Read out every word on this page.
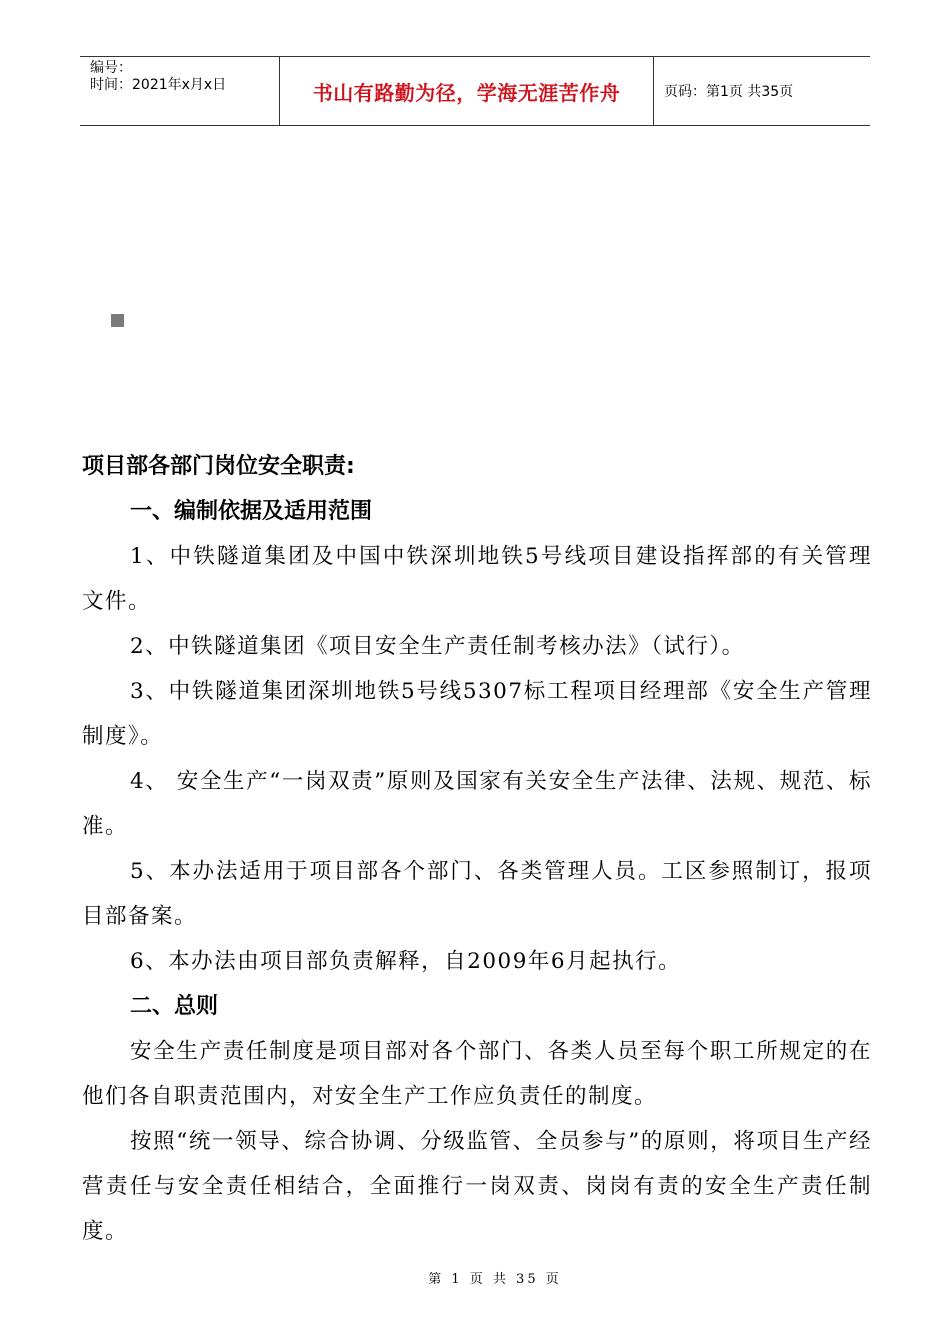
编号：
时间：2021年x月x日	书山有路勤为径，学海无涯苦作舟	页码：第1页 共35页

项目部各部门岗位安全职责:

一、编制依据及适用范围

1、中铁隧道集团及中国中铁深圳地铁5号线项目建设指挥部的有关管理文件。

2、中铁隧道集团《项目安全生产责任制考核办法》（试行）。

3、中铁隧道集团深圳地铁5号线5307标工程项目经理部《安全生产管理制度》。

4、 安全生产“一岗双责”原则及国家有关安全生产法律、法规、规范、标准。

5、本办法适用于项目部各个部门、各类管理人员。工区参照制订，报项目部备案。

6、本办法由项目部负责解释，自2009年6月起执行。

二、总则

安全生产责任制度是项目部对各个部门、各类人员至每个职工所规定的在他们各自职责范围内，对安全生产工作应负责任的制度。

按照“统一领导、综合协调、分级监管、全员参与”的原则，将项目生产经营责任与安全责任相结合，全面推行一岗双责、岗岗有责的安全生产责任制度。

第 1 页 共 35 页
